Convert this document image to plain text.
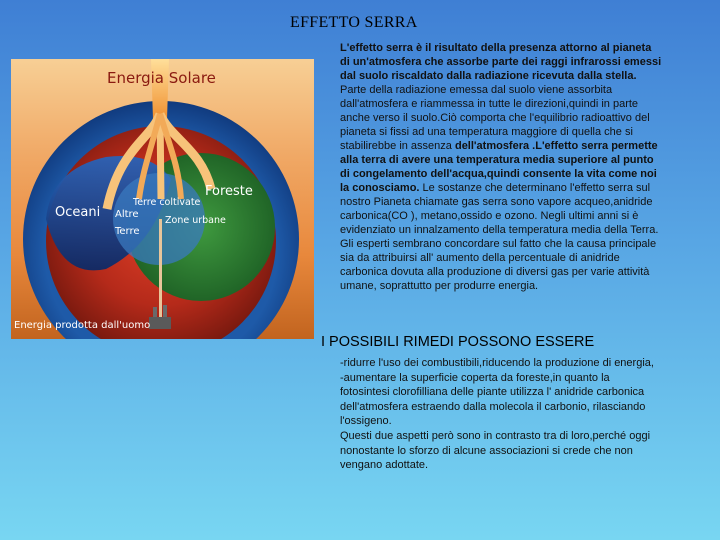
EFFETTO SERRA
Energia Solare
Foreste
Oceani
Terre coltivate
Altre
Terre
Zone urbane
Energia prodotta dall'uomo
L'effetto serra è il risultato della presenza attorno al pianeta di un'atmosfera che assorbe parte dei raggi infrarossi emessi dal suolo riscaldato dalla radiazione ricevuta dalla stella. Parte della radiazione emessa dal suolo viene assorbita dall'atmosfera e riammessa in tutte le direzioni,quindi in parte anche verso il suolo.Ciò comporta che l'equilibrio radioattivo del pianeta si fissi ad una temperatura maggiore di quella che si stabilirebbe in assenza dell'atmosfera .L'effetto serra permette alla terra di avere una temperatura media superiore al punto di congelamento dell'acqua,quindi consente la vita come noi la conosciamo. Le sostanze che determinano l'effetto serra sul nostro Pianeta chiamate gas serra sono vapore acqueo,anidride carbonica(CO ), metano,ossido e ozono. Negli ultimi anni si è evidenziato un innalzamento della temperatura media della Terra. Gli esperti sembrano concordare sul fatto che la causa principale sia da attribuirsi all' aumento della percentuale di anidride carbonica dovuta alla produzione di diversi gas per varie attività umane, soprattutto per produrre energia.
I POSSIBILI RIMEDI POSSONO ESSERE

-ridurre l'uso dei combustibili,riducendo la produzione di energia,

-aumentare la superficie coperta da foreste,in quanto la fotosintesi clorofilliana delle piante utilizza l' anidride carbonica dell'atmosfera estraendo dalla molecola il carbonio, rilasciando l'ossigeno.

Questi due aspetti però sono in contrasto tra di loro,perché oggi nonostante lo sforzo di alcune associazioni si crede che non vengano adottate.
